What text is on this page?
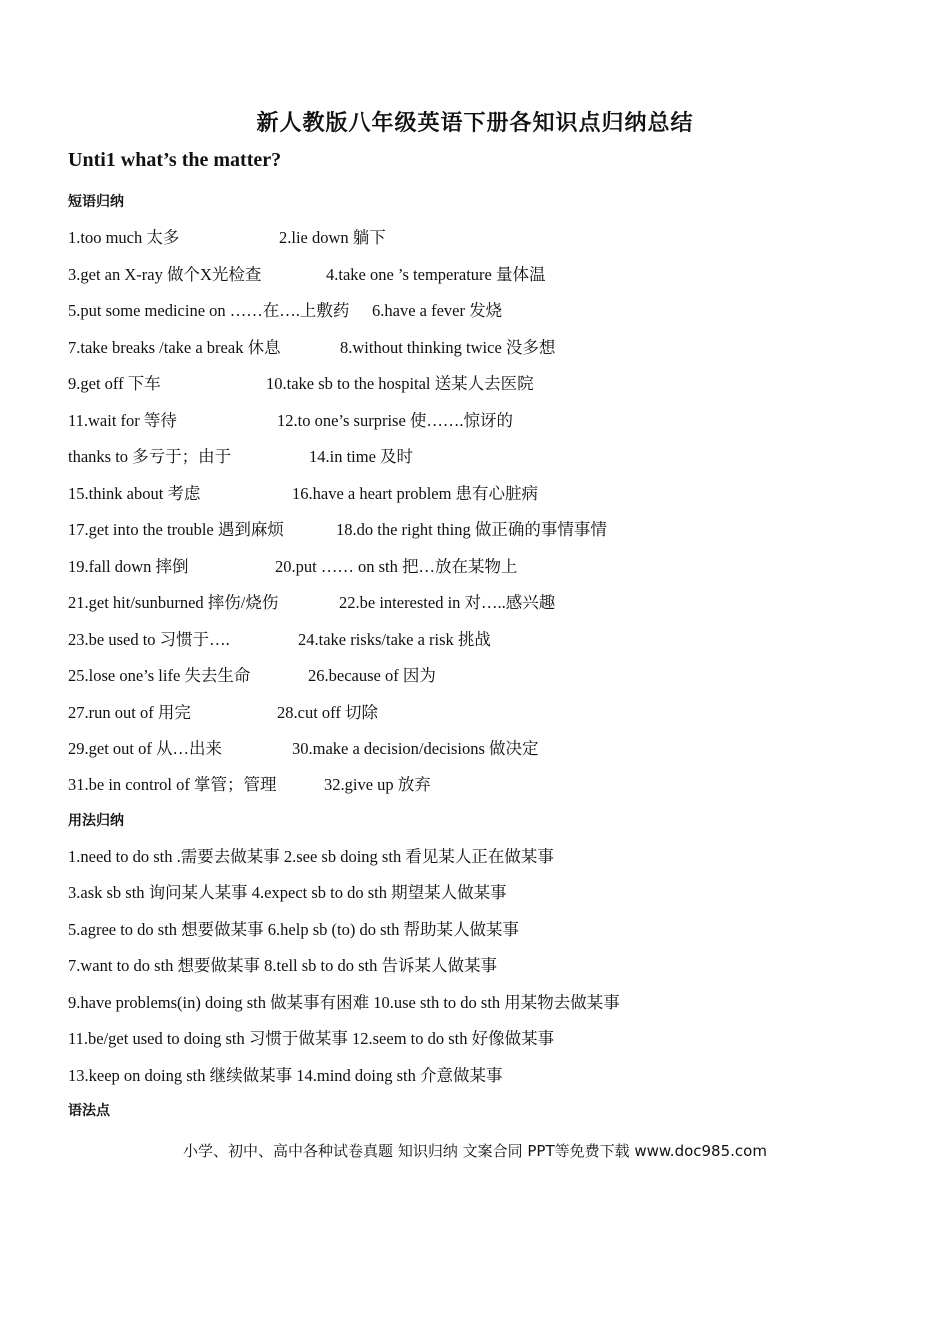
新人教版八年级英语下册各知识点归纳总结
Unti1 what’s the matter?
短语归纳
1.too much 太多	2.lie down 躺下
3.get an X-ray 做个X光检查	4.take one ’s temperature 量体温
5.put some medicine on ……在….上敷药 6.have a fever 发烧
7.take breaks /take a break 休息	8.without thinking twice 没多想
9.get off 下车	10.take sb to the hospital 送某人去医院
11.wait for 等待	12.to one’s surprise 使…….惊讶的
thanks to 多亏于；由于	14.in time 及时
15.think about 考虑	16.have a heart problem 患有心脏病
17.get into the trouble 遇到麻烦	18.do the right thing 做正确的事情事情
19.fall down 摔倒	20.put …… on sth 把…放在某物上
21.get hit/sunburned 摔伤/烧伤	22.be interested in 对…..感兴趣
23.be used to 习惯于….	24.take risks/take a risk 挑战
25.lose one’s life 失去生命	26.because of 因为
27.run out of 用完	28.cut off 切除
29.get out of 从…出来	30.make a decision/decisions 做决定
31.be in control of 掌管；管理	32.give up 放弃
用法归纳
1.need to do sth .需要去做某事 2.see sb doing sth 看见某人正在做某事
3.ask sb sth 询问某人某事 4.expect sb to do sth 期望某人做某事
5.agree to do sth 想要做某事 6.help sb (to) do sth 帮助某人做某事
7.want to do sth 想要做某事 8.tell sb to do sth 告诉某人做某事
9.have problems(in) doing sth 做某事有困难 10.use sth to do sth 用某物去做某事
11.be/get used to doing sth 习惯于做某事 12.seem to do sth 好像做某事
13.keep on doing sth 继续做某事 14.mind doing sth 介意做某事
语法点
小学、初中、高中各种试卷真题 知识归纳 文案合同 PPT等免费下载 www.doc985.com
